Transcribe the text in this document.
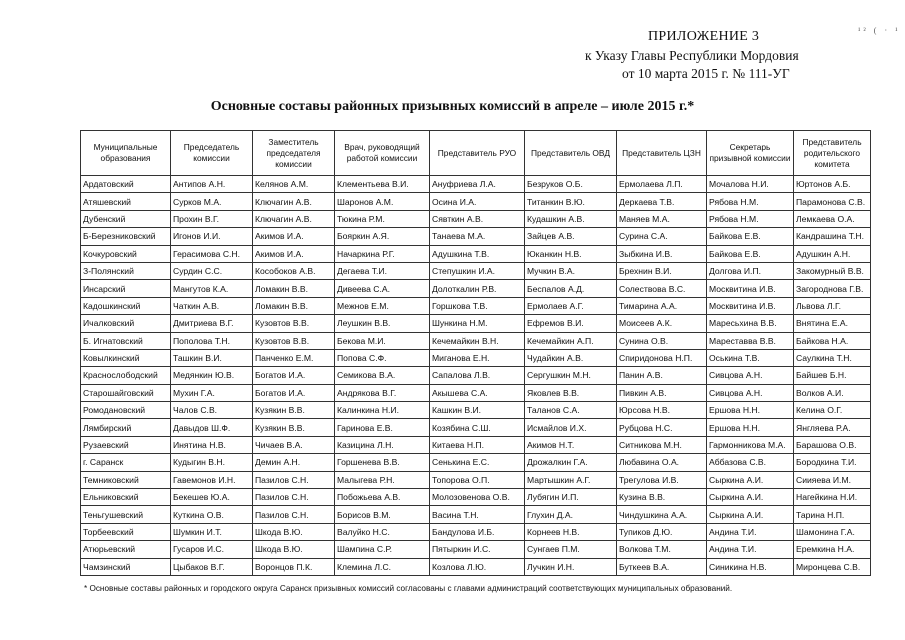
ПРИЛОЖЕНИЕ 3
к Указу Главы Республики Мордовия
от 10 марта 2015 г. № 111-УГ
¹² ( · ¹
Основные составы районных призывных комиссий в апреле – июле 2015 г.*
Муниципальные образования	Председатель комиссии	Заместитель председателя комиссии	Врач, руководящий работой комиссии	Представитель РУО	Представитель ОВД	Представитель ЦЗН	Секретарь призывной комиссии	Представитель родительского комитета
Ардатовский	Антипов А.Н.	Келянов А.М.	Клементьева В.И.	Ануфриева Л.А.	Безруков О.Б.	Ермолаева Л.П.	Мочалова Н.И.	Юртонов А.Б.
Атяшевский	Сурков М.А.	Ключагин А.В.	Шаронов А.М.	Осина И.А.	Титанкин В.Ю.	Деркаева Т.В.	Рябова Н.М.	Парамонова С.В.
Дубенский	Прохин В.Г.	Ключагин А.В.	Тюкина Р.М.	Сявткин А.В.	Кудашкин А.В.	Маняев М.А.	Рябова Н.М.	Лемкаева О.А.
Б-Березниковский	Игонов И.И.	Акимов И.А.	Бояркин А.Я.	Танаева М.А.	Зайцев А.В.	Сурина С.А.	Байкова Е.В.	Кандрашина Т.Н.
Кочкуровский	Герасимова С.Н.	Акимов И.А.	Начаркина Р.Г.	Адушкина Т.В.	Юканкин Н.В.	Зыбкина И.В.	Байкова Е.В.	Адушкин А.Н.
З-Полянский	Сурдин С.С.	Кособоков А.В.	Дегаева Т.И.	Степушкин И.А.	Мучкин В.А.	Брехнин В.И.	Долгова И.П.	Закомурный В.В.
Инсарский	Мангутов К.А.	Ломакин В.В.	Дивеева С.А.	Долоткалин Р.В.	Беспалов А.Д.	Солествова В.С.	Москвитина И.В.	Загороднова Г.В.
Кадошкинский	Чаткин А.В.	Ломакин В.В.	Межнов Е.М.	Горшкова Т.В.	Ермолаев А.Г.	Тимарина А.А.	Москвитина И.В.	Львова Л.Г.
Ичалковский	Дмитриева В.Г.	Кузовтов В.В.	Леушкин В.В.	Шункина Н.М.	Ефремов В.И.	Моисеев А.К.	Маресьхина В.В.	Внятина Е.А.
Б. Игнатовский	Пополова Т.Н.	Кузовтов В.В.	Бекова М.И.	Кечемайкин В.Н.	Кечемайкин А.П.	Сунина О.В.	Мареставва В.В.	Байкова Н.А.
Ковылкинский	Ташкин В.И.	Панченко Е.М.	Попова С.Ф.	Миганова Е.Н.	Чудайкин А.В.	Спиридонова Н.П.	Оськина Т.В.	Саулкина Т.Н.
Краснослободский	Медянкин Ю.В.	Богатов И.А.	Семикова В.А.	Сапалова Л.В.	Сергушкин М.Н.	Панин А.В.	Сивцова А.Н.	Байшев Б.Н.
Старошайговский	Мухин Г.А.	Богатов И.А.	Андрякова В.Г.	Акышева С.А.	Яковлев В.В.	Пивкин А.В.	Сивцова А.Н.	Волков А.И.
Ромодановский	Чалов С.В.	Кузякин В.В.	Калинкина Н.И.	Кашкин В.И.	Таланов С.А.	Юрсова Н.В.	Ершова Н.Н.	Келина О.Г.
Лямбирский	Давыдов Ш.Ф.	Кузякин В.В.	Гаринова Е.В.	Козябина С.Ш.	Исмайлов И.Х.	Рубцова Н.С.	Ершова Н.Н.	Янгляева Р.А.
Рузаевский	Инятина Н.В.	Чичаев В.А.	Казицина Л.Н.	Китаева Н.П.	Акимов Н.Т.	Ситникова М.Н.	Гармонникова М.А.	Барашова О.В.
г. Саранск	Кудыгин В.Н.	Демин А.Н.	Горшенева В.В.	Сенькина Е.С.	Дрожалкин Г.А.	Любавина О.А.	Аббазова С.В.	Бородкина Т.И.
Темниковский	Гавемонов И.Н.	Пазилов С.Н.	Малыгева Р.Н.	Топорова О.П.	Мартышкин А.Г.	Трегулова И.В.	Сыркина А.И.	Сиияева И.М.
Ельниковский	Бекешев Ю.А.	Пазилов С.Н.	Побожьева А.В.	Молозовенова О.В.	Лубягин И.П.	Кузина В.В.	Сыркина А.И.	Нагейкина Н.И.
Теньгушевский	Куткина О.В.	Пазилов С.Н.	Борисов В.М.	Васина Т.Н.	Глухин Д.А.	Чиндушкина А.А.	Сыркина А.И.	Тарина Н.П.
Торбеевский	Шумкин И.Т.	Шкода В.Ю.	Валуйко Н.С.	Бандулова И.Б.	Корнеев Н.В.	Тупиков Д.Ю.	Андина Т.И.	Шамонина Г.А.
Атюрьевский	Гусаров И.С.	Шкода В.Ю.	Шампина С.Р.	Пятыркин И.С.	Сунгаев П.М.	Волкова Т.М.	Андина Т.И.	Еремкина Н.А.
Чамзинский	Цыбаков В.Г.	Воронцов П.К.	Клемина Л.С.	Козлова Л.Ю.	Лучкин И.Н.	Буткеев В.А.	Синикина Н.В.	Миронцева С.В.
* Основные составы районных и городского округа Саранск призывных комиссий согласованы с главами администраций соответствующих муниципальных образований.
